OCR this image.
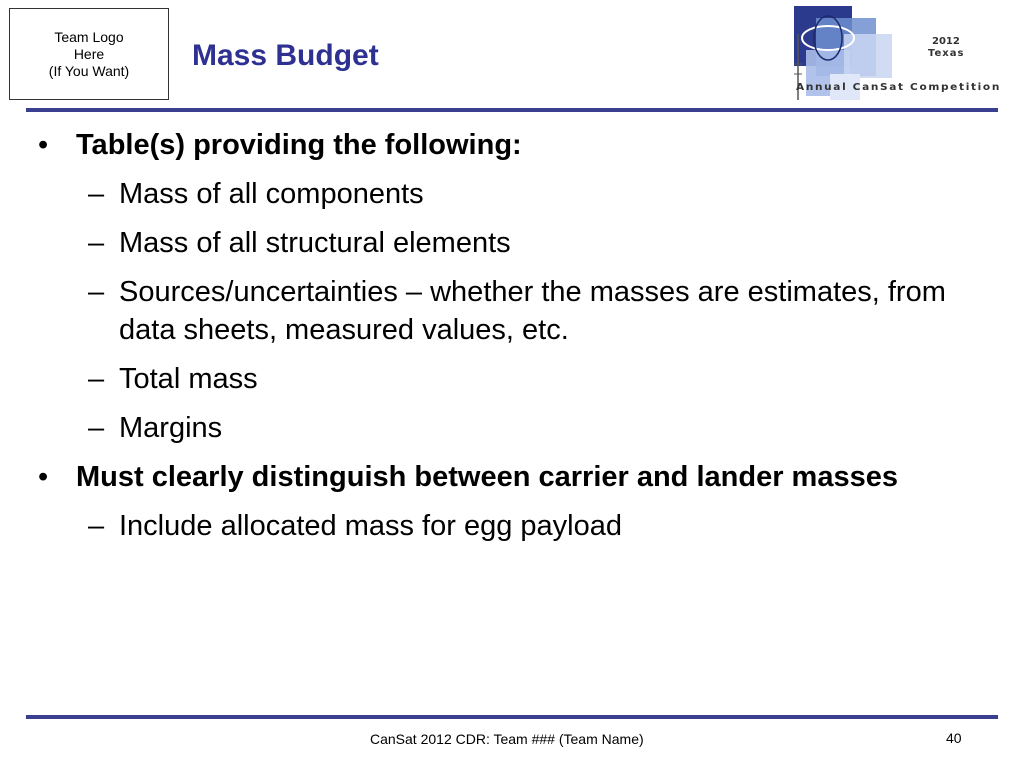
Team Logo
Here
(If You Want) Mass Budget	2012
Texas
Annual CanSat Competition
• Table(s) providing the following:
– Mass of all components
– Mass of all structural elements
– Sources/uncertainties – whether the masses are estimates, from data sheets, measured values, etc.
– Total mass
– Margins
• Must clearly distinguish between carrier and lander masses
– Include allocated mass for egg payload
CanSat 2012 CDR: Team ### (Team Name)	40
